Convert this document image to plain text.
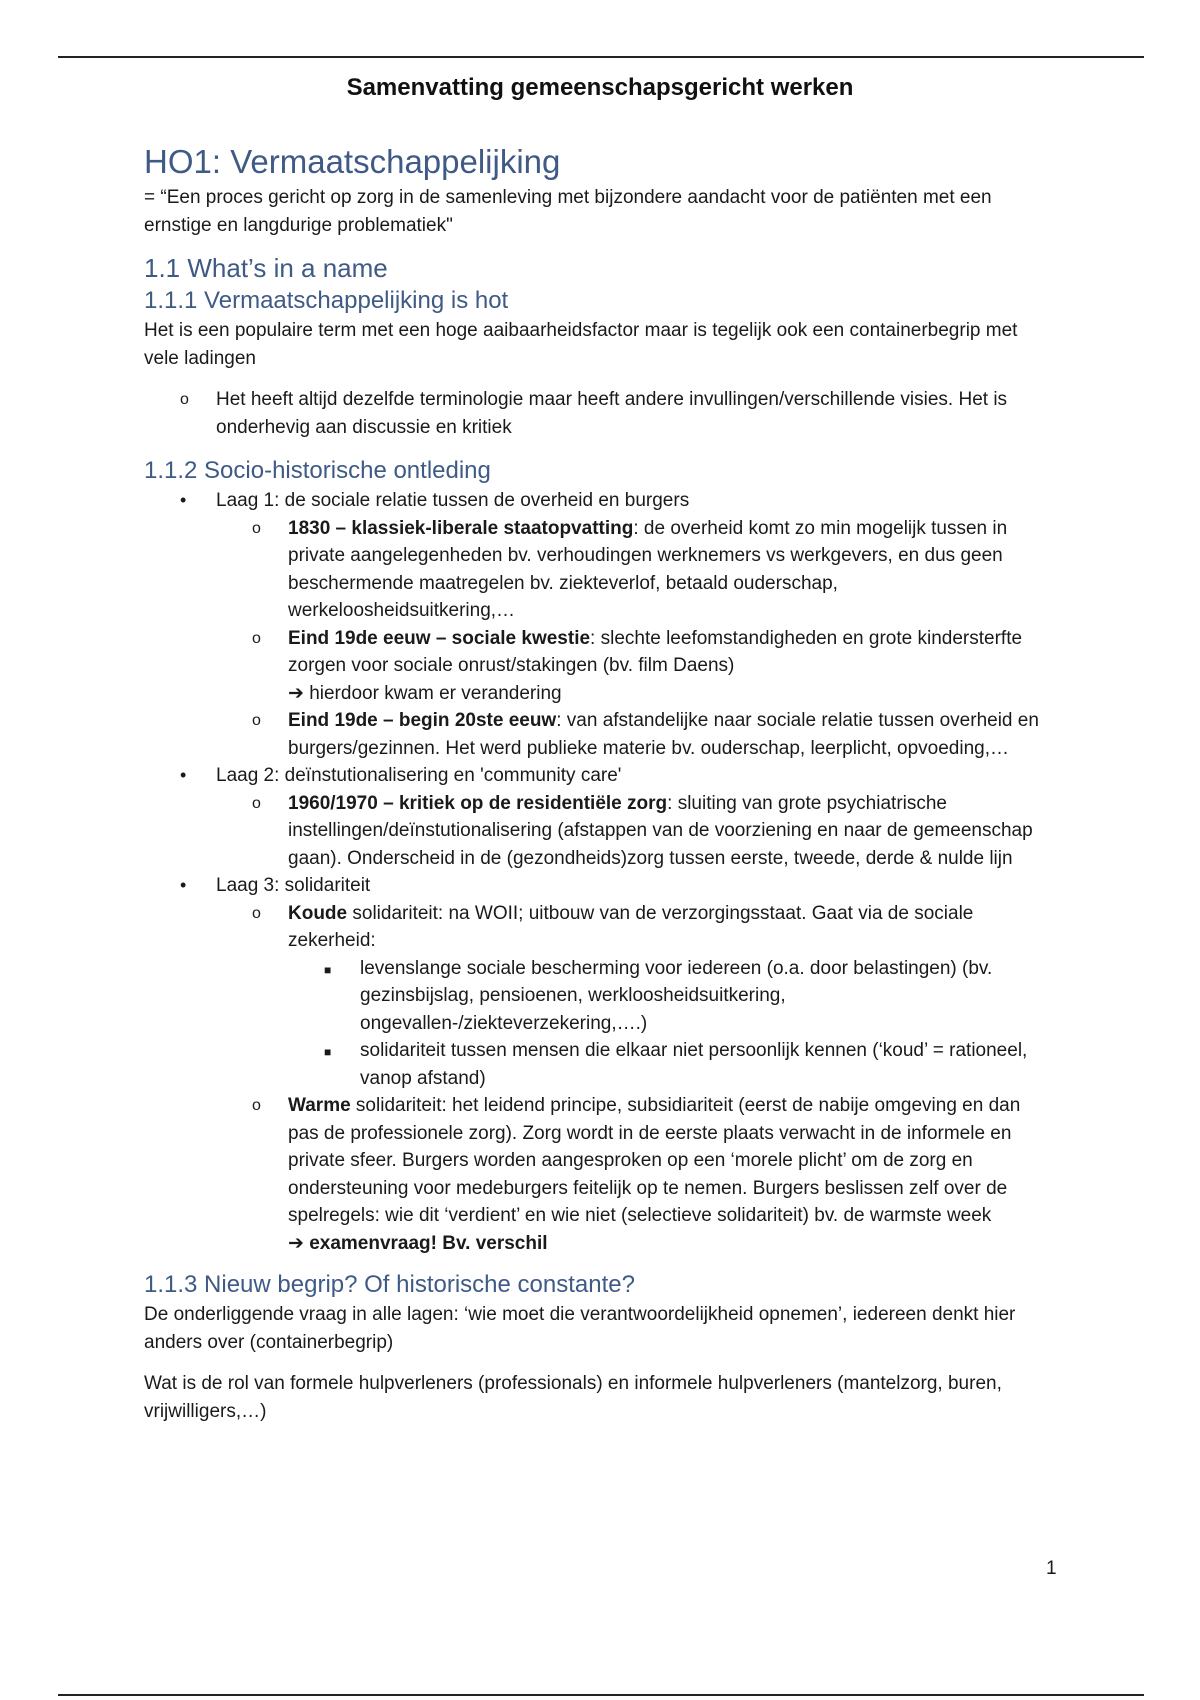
Samenvatting gemeenschapsgericht werken
HO1: Vermaatschappelijking

= “Een proces gericht op zorg in de samenleving met bijzondere aandacht voor de patiënten met een ernstige en langdurige problematiek"

1.1 What’s in a name
1.1.1 Vermaatschappelijking is hot

Het is een populaire term met een hoge aaibaarheidsfactor maar is tegelijk ook een containerbegrip met vele ladingen

o Het heeft altijd dezelfde terminologie maar heeft andere invullingen/verschillende visies. Het is onderhevig aan discussie en kritiek
1.1.2 Socio-historische ontleding
• Laag 1: de sociale relatie tussen de overheid en burgers
o 1830 – klassiek-liberale staatopvatting: de overheid komt zo min mogelijk tussen in private aangelegenheden bv. verhoudingen werknemers vs werkgevers, en dus geen beschermende maatregelen bv. ziekteverlof, betaald ouderschap, werkeloosheidsuitkering,…
o Eind 19de eeuw – sociale kwestie: slechte leefomstandigheden en grote kindersterfte zorgen voor sociale onrust/stakingen (bv. film Daens)
➔ hierdoor kwam er verandering
o Eind 19de – begin 20ste eeuw: van afstandelijke naar sociale relatie tussen overheid en burgers/gezinnen. Het werd publieke materie bv. ouderschap, leerplicht, opvoeding,…
• Laag 2: deïnstutionalisering en 'community care'
o 1960/1970 – kritiek op de residentiële zorg: sluiting van grote psychiatrische instellingen/deïnstutionalisering (afstappen van de voorziening en naar de gemeenschap gaan). Onderscheid in de (gezondheids)zorg tussen eerste, tweede, derde & nulde lijn
• Laag 3: solidariteit
o Koude solidariteit: na WOII; uitbouw van de verzorgingsstaat. Gaat via de sociale zekerheid:
■ levenslange sociale bescherming voor iedereen (o.a. door belastingen) (bv. gezinsbijslag, pensioenen, werkloosheidsuitkering, ongevallen-/ziekteverzekering,….)
■ solidariteit tussen mensen die elkaar niet persoonlijk kennen (‘koud’ = rationeel, vanop afstand)
o Warme solidariteit: het leidend principe, subsidiariteit (eerst de nabije omgeving en dan pas de professionele zorg). Zorg wordt in de eerste plaats verwacht in de informele en private sfeer. Burgers worden aangesproken op een ‘morele plicht’ om de zorg en ondersteuning voor medeburgers feitelijk op te nemen. Burgers beslissen zelf over de spelregels: wie dit ‘verdient’ en wie niet (selectieve solidariteit) bv. de warmste week
➔ examenvraag! Bv. verschil
1.1.3 Nieuw begrip? Of historische constante?

De onderliggende vraag in alle lagen: ‘wie moet die verantwoordelijkheid opnemen’, iedereen denkt hier anders over (containerbegrip)

Wat is de rol van formele hulpverleners (professionals) en informele hulpverleners (mantelzorg, buren, vrijwilligers,…)

1
